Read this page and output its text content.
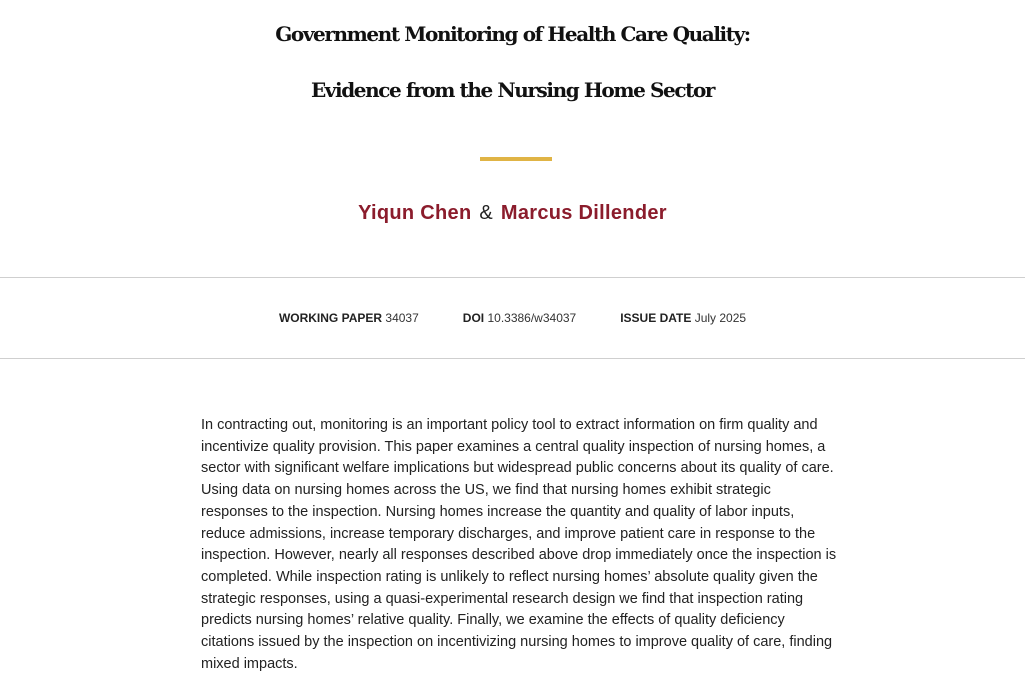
Government Monitoring of Health Care Quality:
Evidence from the Nursing Home Sector
Yiqun Chen & Marcus Dillender
WORKING PAPER 34037	DOI 10.3386/w34037	ISSUE DATE July 2025

In contracting out, monitoring is an important policy tool to extract information on firm quality and incentivize quality provision. This paper examines a central quality inspection of nursing homes, a sector with significant welfare implications but widespread public concerns about its quality of care. Using data on nursing homes across the US, we find that nursing homes exhibit strategic responses to the inspection. Nursing homes increase the quantity and quality of labor inputs, reduce admissions, increase temporary discharges, and improve patient care in response to the inspection. However, nearly all responses described above drop immediately once the inspection is completed. While inspection rating is unlikely to reflect nursing homes’ absolute quality given the strategic responses, using a quasi-experimental research design we find that inspection rating predicts nursing homes’ relative quality. Finally, we examine the effects of quality deficiency citations issued by the inspection on incentivizing nursing homes to improve quality of care, finding mixed impacts.
